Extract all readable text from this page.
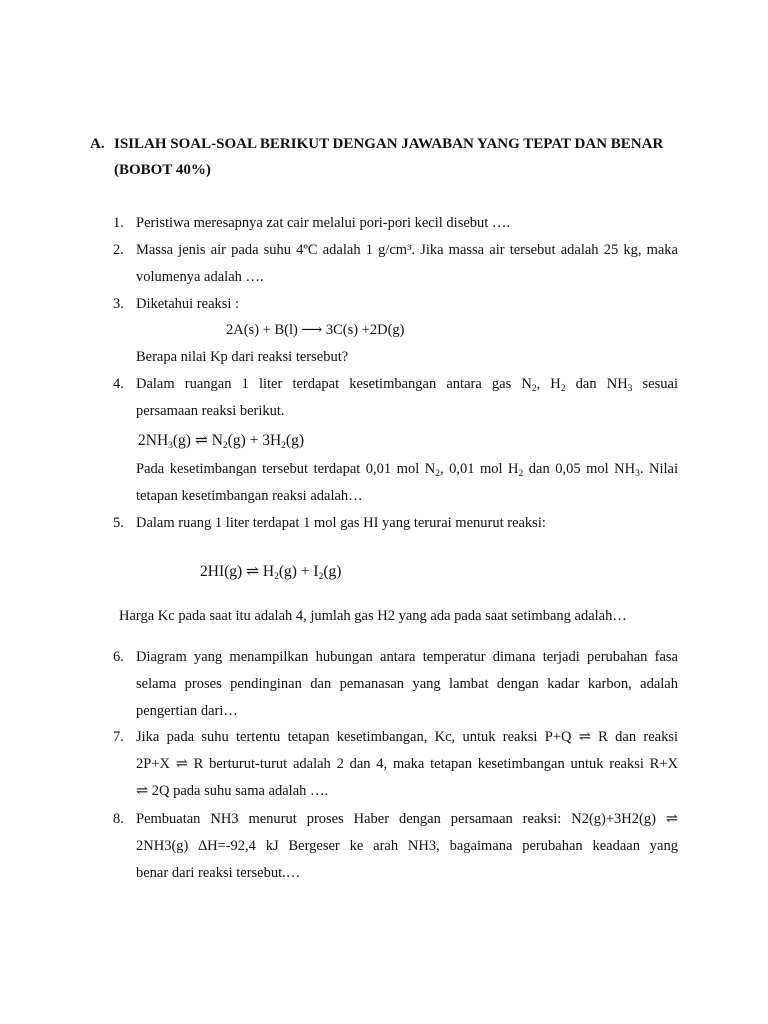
A. ISILAH SOAL-SOAL BERIKUT DENGAN JAWABAN YANG TEPAT DAN BENAR
(BOBOT 40%)
1. Peristiwa meresapnya zat cair melalui pori-pori kecil disebut ….
2. Massa jenis air pada suhu 4ºC adalah 1 g/cm³. Jika massa air tersebut adalah 25 kg, maka
volumenya adalah ….
3. Diketahui reaksi :
2A(s) + B(l) ⟶ 3C(s) +2D(g)
Berapa nilai Kp dari reaksi tersebut?
4. Dalam ruangan 1 liter terdapat kesetimbangan antara gas $N_2$, $H_2$ dan $NH_3$ sesuai
persamaan reaksi berikut.
$2NH_3(g)$ ⇌ $N_2(g) + 3H_2(g)$
Pada kesetimbangan tersebut terdapat 0,01 mol $N_2$, 0,01 mol $H_2$ dan 0,05 mol $NH_3$. Nilai
tetapan kesetimbangan reaksi adalah…
5. Dalam ruang 1 liter terdapat 1 mol gas HI yang terurai menurut reaksi:
2HI(g) ⇌ $H_2(g) + I_2(g)$
Harga Kc pada saat itu adalah 4, jumlah gas H2 yang ada pada saat setimbang adalah…
6. Diagram yang menampilkan hubungan antara temperatur dimana terjadi perubahan fasa
selama proses pendinginan dan pemanasan yang lambat dengan kadar karbon, adalah
pengertian dari…
7. Jika pada suhu tertentu tetapan kesetimbangan, Kc, untuk reaksi P+Q ⇌ R dan reaksi
2P+X ⇌ R berturut-turut adalah 2 dan 4, maka tetapan kesetimbangan untuk reaksi R+X
⇌ 2Q pada suhu sama adalah ….
8. Pembuatan NH3 menurut proses Haber dengan persamaan reaksi: N2(g)+3H2(g) ⇌
2NH3(g) ∆H=-92,4 kJ Bergeser ke arah NH3, bagaimana perubahan keadaan yang
benar dari reaksi tersebut.…
